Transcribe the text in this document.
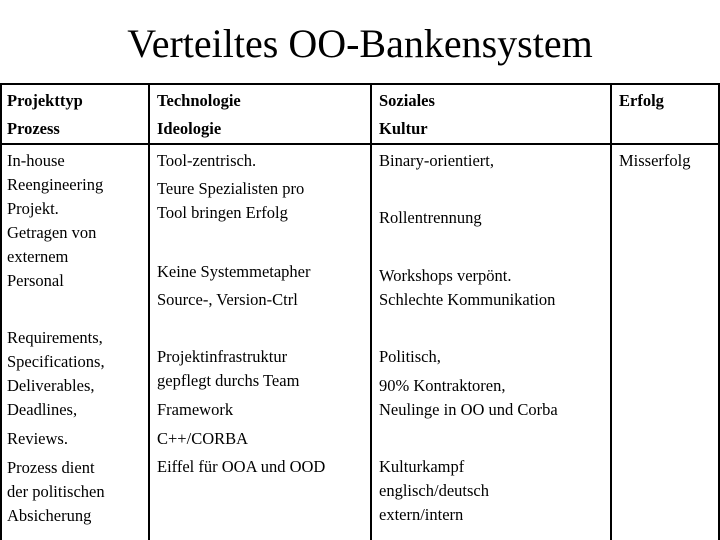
Verteiltes OO-Bankensystem
Projekttyp
Prozess
Technologie
Ideologie
Soziales
Kultur
Erfolg
In-house
Reengineering
Projekt.
Getragen von
externem
Personal
Requirements,
Specifications,
Deliverables,
Deadlines,
Reviews.
Prozess dient
der politischen
Absicherung
Tool-zentrisch.
Teure Spezialisten pro
Tool bringen Erfolg
Keine Systemmetapher
Source-, Version-Ctrl
Projektinfrastruktur
gepflegt durchs Team
Framework
C++/CORBA
Eiffel für OOA und OOD
Binary-orientiert,
Rollentrennung
Workshops verpönt.
Schlechte Kommunikation
Politisch,
90% Kontraktoren,
Neulinge in OO und Corba
Kulturkampf
englisch/deutsch
extern/intern
Misserfolg
